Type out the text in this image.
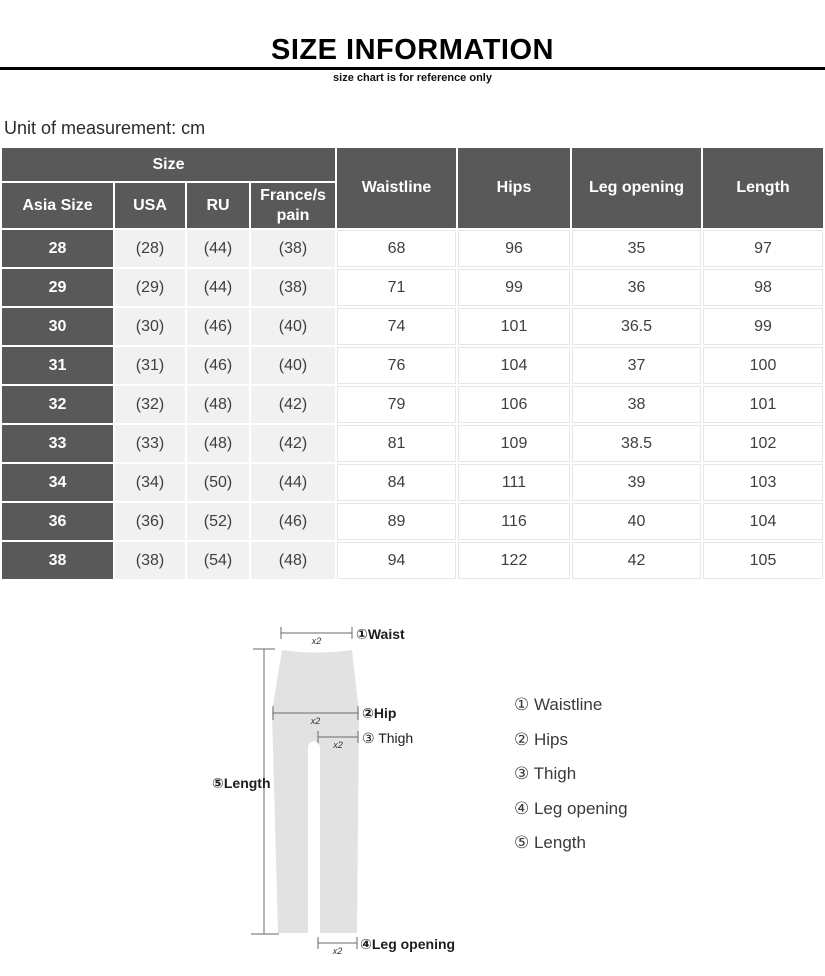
SIZE INFORMATION
size chart is for reference only
Unit of measurement: cm
Size				Waistline	Hips	Leg opening	Length
Asia Size	USA	RU	France/s pain				
28	(28)	(44)	(38)	68	96	35	97
29	(29)	(44)	(38)	71	99	36	98
30	(30)	(46)	(40)	74	101	36.5	99
31	(31)	(46)	(40)	76	104	37	100
32	(32)	(48)	(42)	79	106	38	101
33	(33)	(48)	(42)	81	109	38.5	102
34	(34)	(50)	(44)	84	111	39	103
36	(36)	(52)	(46)	89	116	40	104
38	(38)	(54)	(48)	94	122	42	105
x2
x2
x2
x2
①Waist
②Hip
③ Thigh
④Leg opening
⑤Length
① Waistline
② Hips
③ Thigh
④ Leg opening
⑤ Length
